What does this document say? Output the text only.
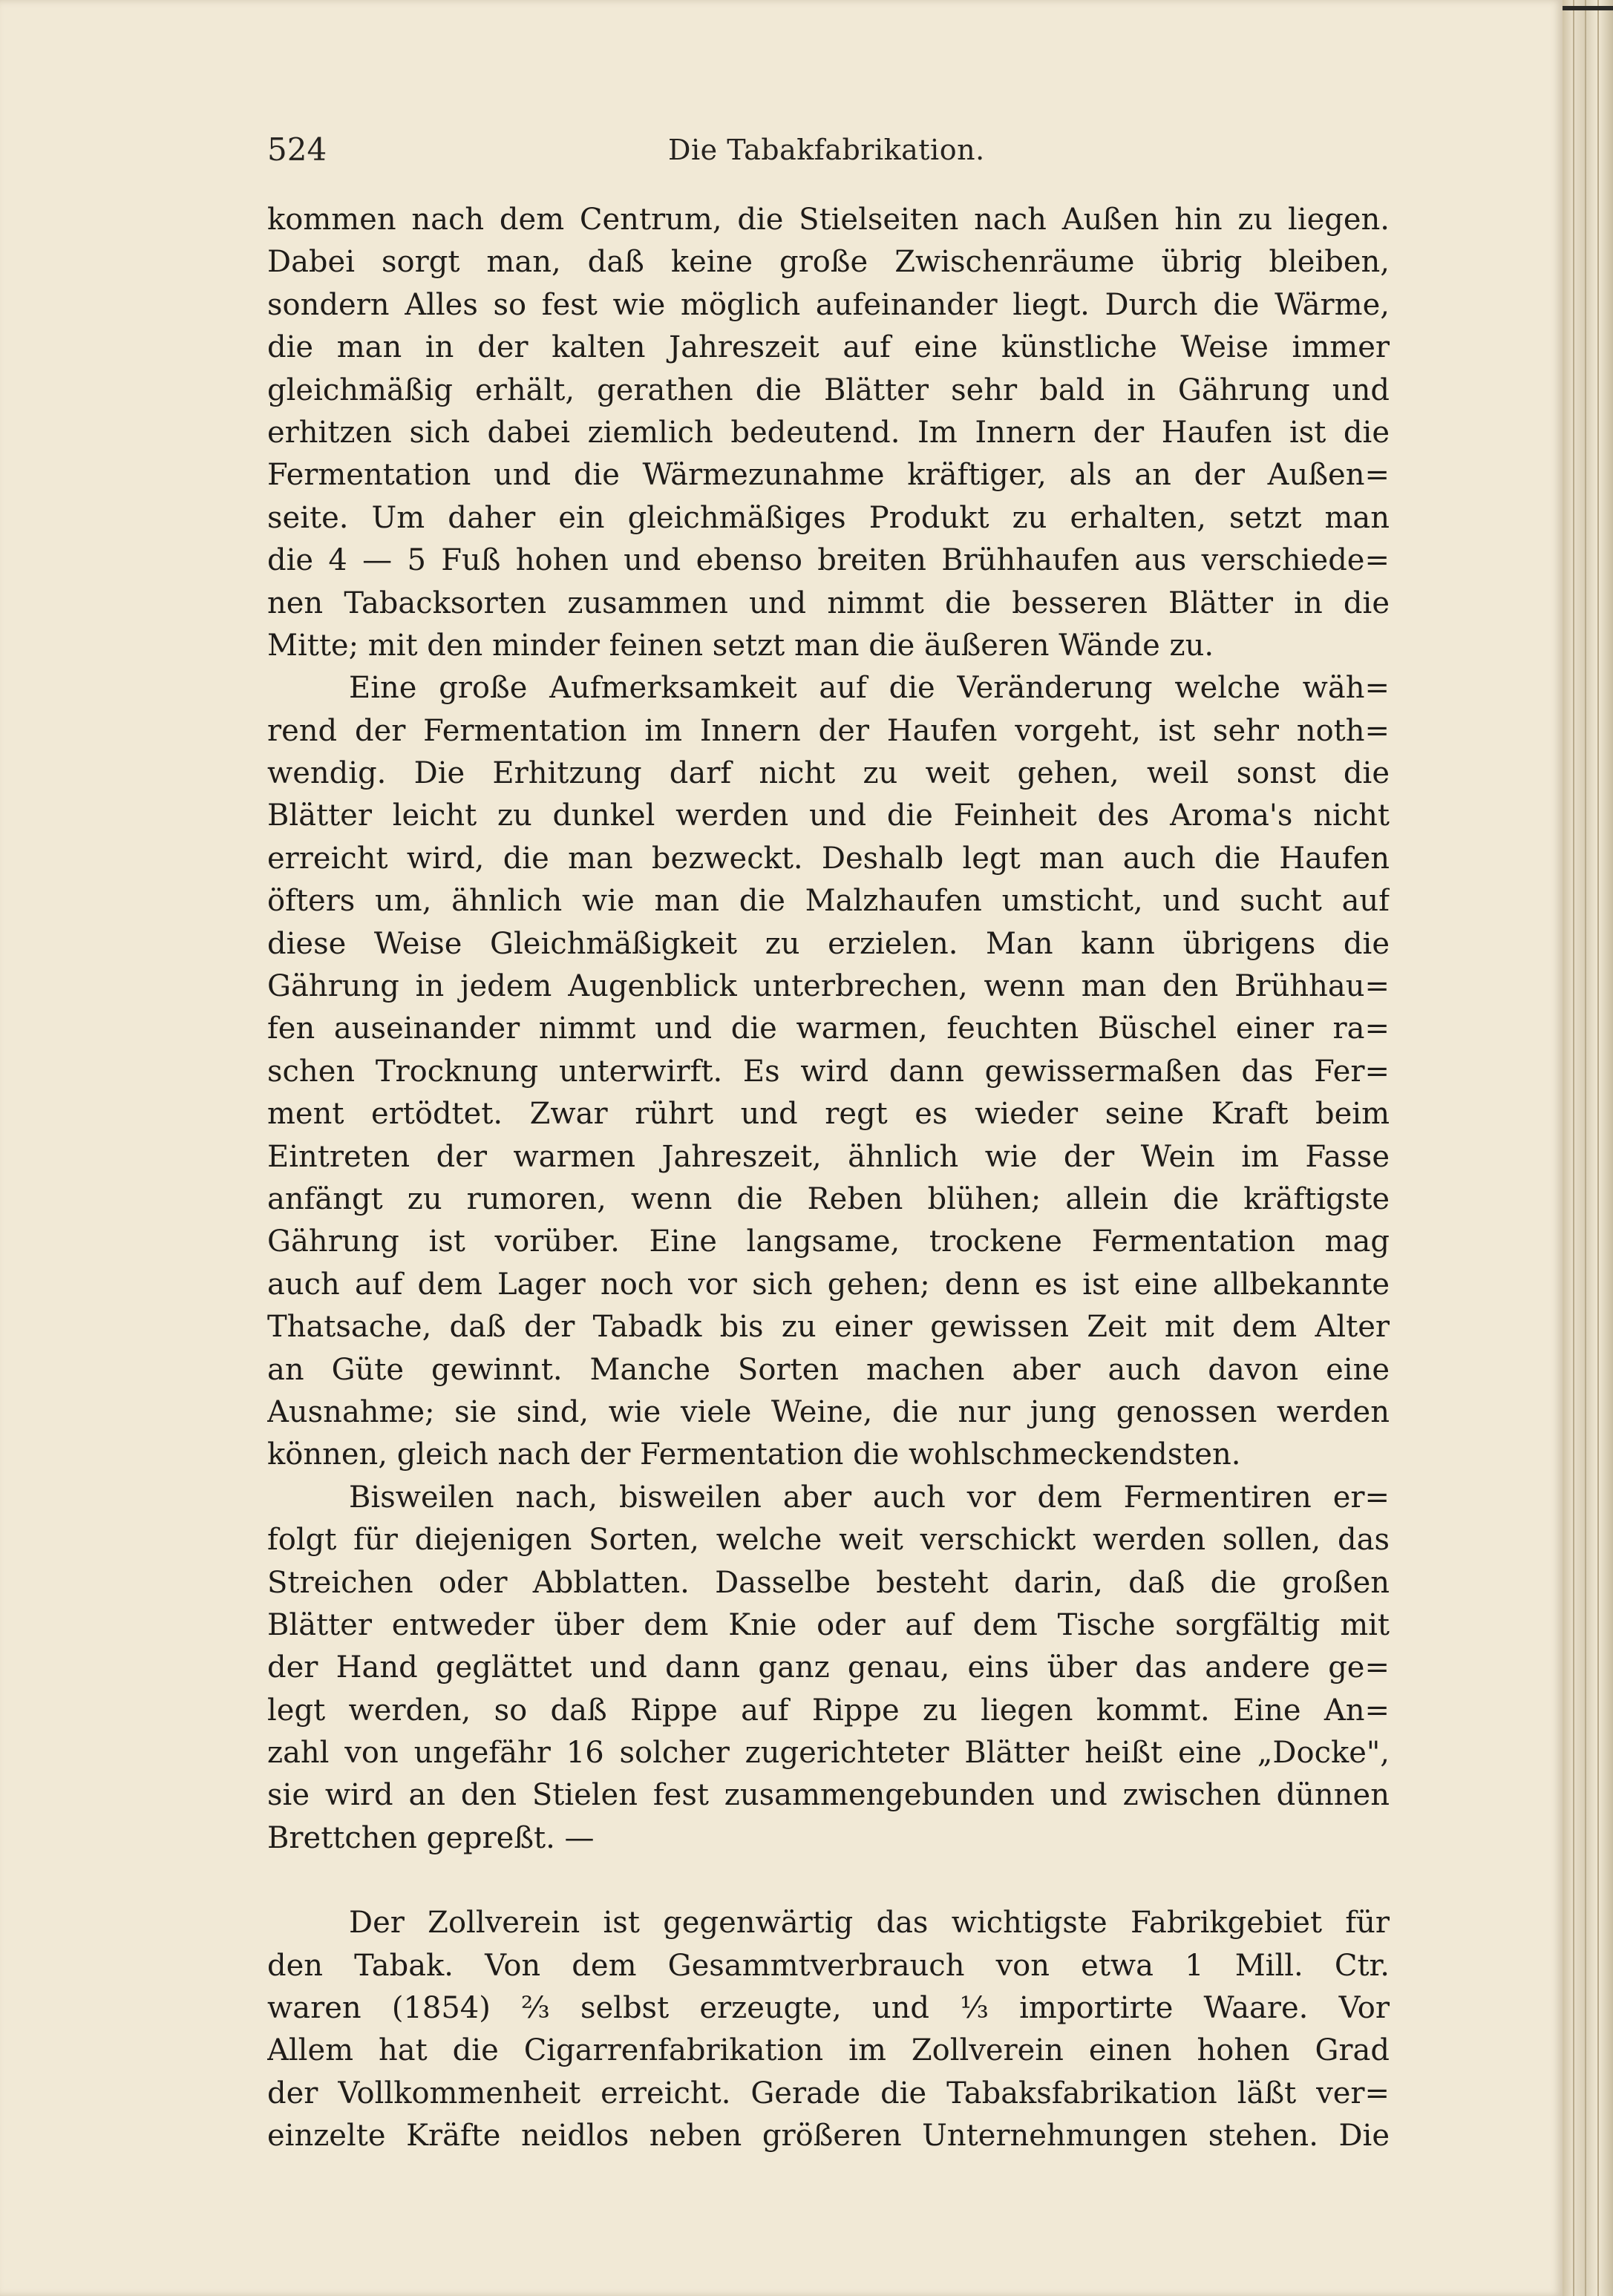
524	Die Tabakfabrikation.
kommen nach dem Centrum, die Stielseiten nach Außen hin zu liegen.
Dabei sorgt man, daß keine große Zwischenräume übrig bleiben,
sondern Alles so fest wie möglich aufeinander liegt. Durch die Wärme,
die man in der kalten Jahreszeit auf eine künstliche Weise immer
gleichmäßig erhält, gerathen die Blätter sehr bald in Gährung und
erhitzen sich dabei ziemlich bedeutend. Im Innern der Haufen ist die
Fermentation und die Wärmezunahme kräftiger, als an der Außen=
seite. Um daher ein gleichmäßiges Produkt zu erhalten, setzt man
die 4 — 5 Fuß hohen und ebenso breiten Brühhaufen aus verschiede=
nen Tabacksorten zusammen und nimmt die besseren Blätter in die
Mitte; mit den minder feinen setzt man die äußeren Wände zu.
Eine große Aufmerksamkeit auf die Veränderung welche wäh=
rend der Fermentation im Innern der Haufen vorgeht, ist sehr noth=
wendig. Die Erhitzung darf nicht zu weit gehen, weil sonst die
Blätter leicht zu dunkel werden und die Feinheit des Aroma's nicht
erreicht wird, die man bezweckt. Deshalb legt man auch die Haufen
öfters um, ähnlich wie man die Malzhaufen umsticht, und sucht auf
diese Weise Gleichmäßigkeit zu erzielen. Man kann übrigens die
Gährung in jedem Augenblick unterbrechen, wenn man den Brühhau=
fen auseinander nimmt und die warmen, feuchten Büschel einer ra=
schen Trocknung unterwirft. Es wird dann gewissermaßen das Fer=
ment ertödtet. Zwar rührt und regt es wieder seine Kraft beim
Eintreten der warmen Jahreszeit, ähnlich wie der Wein im Fasse
anfängt zu rumoren, wenn die Reben blühen; allein die kräftigste
Gährung ist vorüber. Eine langsame, trockene Fermentation mag
auch auf dem Lager noch vor sich gehen; denn es ist eine allbekannte
Thatsache, daß der Tabadk bis zu einer gewissen Zeit mit dem Alter
an Güte gewinnt. Manche Sorten machen aber auch davon eine
Ausnahme; sie sind, wie viele Weine, die nur jung genossen werden
können, gleich nach der Fermentation die wohlschmeckendsten.
Bisweilen nach, bisweilen aber auch vor dem Fermentiren er=
folgt für diejenigen Sorten, welche weit verschickt werden sollen, das
Streichen oder Abblatten. Dasselbe besteht darin, daß die großen
Blätter entweder über dem Knie oder auf dem Tische sorgfältig mit
der Hand geglättet und dann ganz genau, eins über das andere ge=
legt werden, so daß Rippe auf Rippe zu liegen kommt. Eine An=
zahl von ungefähr 16 solcher zugerichteter Blätter heißt eine „Docke",
sie wird an den Stielen fest zusammengebunden und zwischen dünnen
Brettchen gepreßt. —
Der Zollverein ist gegenwärtig das wichtigste Fabrikgebiet für
den Tabak. Von dem Gesammtverbrauch von etwa 1 Mill. Ctr.
waren (1854) ⅔ selbst erzeugte, und ⅓ importirte Waare. Vor
Allem hat die Cigarrenfabrikation im Zollverein einen hohen Grad
der Vollkommenheit erreicht. Gerade die Tabaksfabrikation läßt ver=
einzelte Kräfte neidlos neben größeren Unternehmungen stehen. Die
